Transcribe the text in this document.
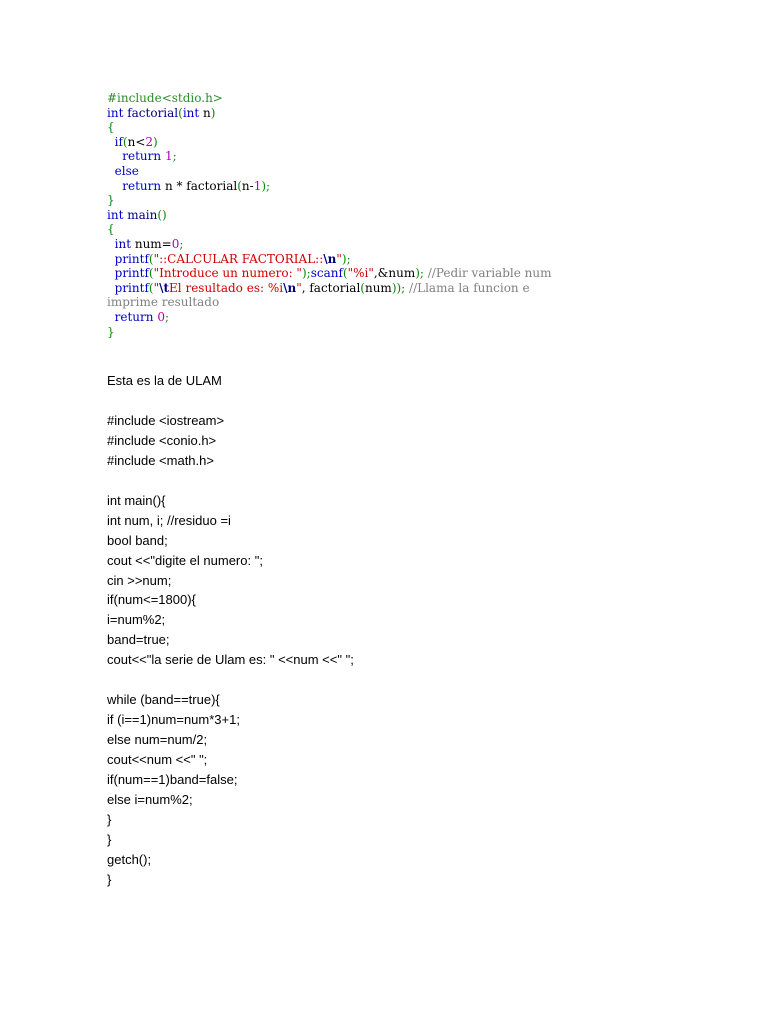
#include<stdio.h>
int factorial(int n)
{
if(n<2)
return 1;
else
return n * factorial(n-1);
}
int main()
{
int num=0;
printf("::CALCULAR FACTORIAL::\n");
printf("Introduce un numero: ");scanf("%i",&num); //Pedir variable num
printf("\tEl resultado es: %i\n", factorial(num)); //Llama la funcion e
imprime resultado
return 0;
}
Esta es la de ULAM
#include <iostream>
#include <conio.h>
#include <math.h>
int main(){
int num, i; //residuo =i
bool band;
cout <<"digite el numero: ";
cin >>num;
if(num<=1800){
i=num%2;
band=true;
cout<<"la serie de Ulam es: " <<num <<" ";
while (band==true){
if (i==1)num=num*3+1;
else num=num/2;
cout<<num <<" ";
if(num==1)band=false;
else i=num%2;
}
}
getch();
}
